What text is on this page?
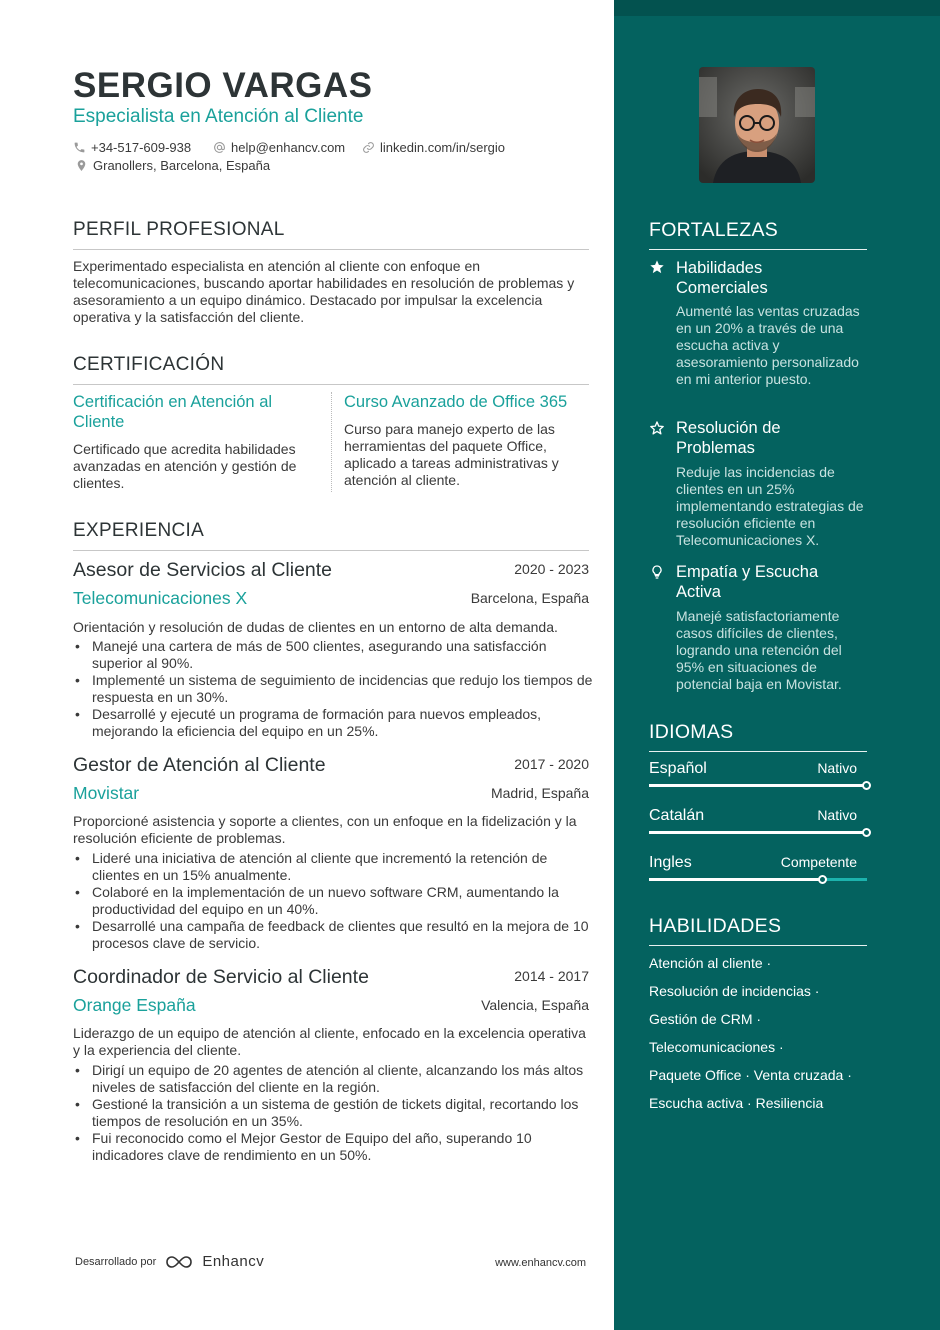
SERGIO VARGAS
Especialista en Atención al Cliente
+34-517-609-938	help@enhancv.com	linkedin.com/in/sergio
Granollers, Barcelona, España
PERFIL PROFESIONAL
Experimentado especialista en atención al cliente con enfoque en telecomunicaciones, buscando aportar habilidades en resolución de problemas y asesoramiento a un equipo dinámico. Destacado por impulsar la excelencia operativa y la satisfacción del cliente.
CERTIFICACIÓN
Certificación en Atención al Cliente
Certificado que acredita habilidades avanzadas en atención y gestión de clientes.
Curso Avanzado de Office 365
Curso para manejo experto de las herramientas del paquete Office, aplicado a tareas administrativas y atención al cliente.
EXPERIENCIA
Asesor de Servicios al Cliente	2020 - 2023
Telecomunicaciones X	Barcelona, España
Orientación y resolución de dudas de clientes en un entorno de alta demanda.
• Manejé una cartera de más de 500 clientes, asegurando una satisfacción superior al 90%.
• Implementé un sistema de seguimiento de incidencias que redujo los tiempos de respuesta en un 30%.
• Desarrollé y ejecuté un programa de formación para nuevos empleados, mejorando la eficiencia del equipo en un 25%.
Gestor de Atención al Cliente	2017 - 2020
Movistar	Madrid, España
Proporcioné asistencia y soporte a clientes, con un enfoque en la fidelización y la resolución eficiente de problemas.
• Lideré una iniciativa de atención al cliente que incrementó la retención de clientes en un 15% anualmente.
• Colaboré en la implementación de un nuevo software CRM, aumentando la productividad del equipo en un 40%.
• Desarrollé una campaña de feedback de clientes que resultó en la mejora de 10 procesos clave de servicio.
Coordinador de Servicio al Cliente	2014 - 2017
Orange España	Valencia, España
Liderazgo de un equipo de atención al cliente, enfocado en la excelencia operativa y la experiencia del cliente.
• Dirigí un equipo de 20 agentes de atención al cliente, alcanzando los más altos niveles de satisfacción del cliente en la región.
• Gestioné la transición a un sistema de gestión de tickets digital, recortando los tiempos de resolución en un 35%.
• Fui reconocido como el Mejor Gestor de Equipo del año, superando 10 indicadores clave de rendimiento en un 50%.
Desarrollado por	Enhancv	www.enhancv.com
FORTALEZAS
Habilidades Comerciales
Aumenté las ventas cruzadas en un 20% a través de una escucha activa y asesoramiento personalizado en mi anterior puesto.
Resolución de Problemas
Reduje las incidencias de clientes en un 25% implementando estrategias de resolución eficiente en Telecomunicaciones X.
Empatía y Escucha Activa
Manejé satisfactoriamente casos difíciles de clientes, logrando una retención del 95% en situaciones de potencial baja en Movistar.
IDIOMAS
Español	Nativo
Catalán	Nativo
Ingles	Competente
HABILIDADES
Atención al cliente ·
Resolución de incidencias ·
Gestión de CRM ·
Telecomunicaciones ·
Paquete Office · Venta cruzada ·
Escucha activa · Resiliencia
